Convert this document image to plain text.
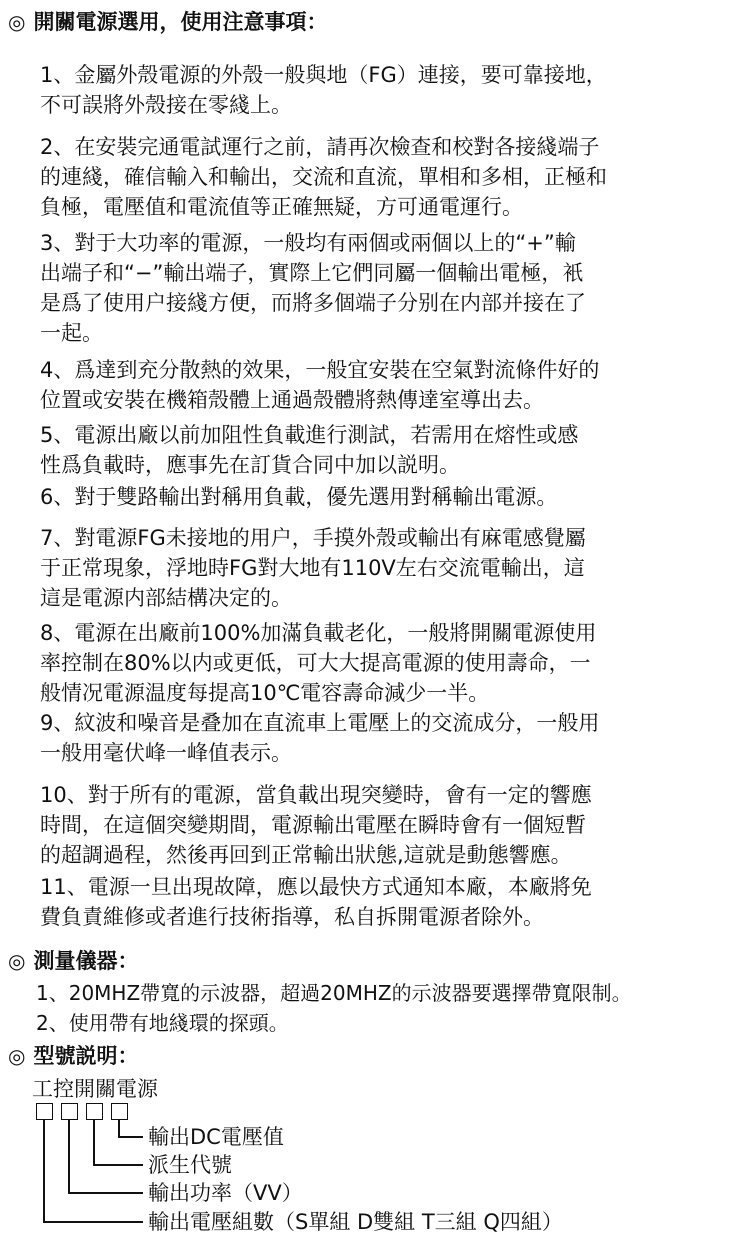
◎ 開關電源選用，使用注意事項：
1、金屬外殼電源的外殼一般與地（FG）連接，要可靠接地，
不可誤將外殼接在零綫上。
2、在安裝完通電試運行之前，請再次檢查和校對各接綫端子
的連綫，確信輸入和輸出，交流和直流，單相和多相，正極和
負極，電壓值和電流值等正確無疑，方可通電運行。
3、對于大功率的電源，一般均有兩個或兩個以上的“+”輸
出端子和“−”輸出端子，實際上它們同屬一個輸出電極，衹
是爲了使用户接綫方便，而將多個端子分别在内部并接在了
一起。
4、爲達到充分散熱的效果，一般宜安裝在空氣對流條件好的
位置或安裝在機箱殼體上通過殼體將熱傳達室導出去。
5、電源出廠以前加阻性負載進行測試，若需用在熔性或感
性爲負載時，應事先在訂貨合同中加以説明。
6、對于雙路輸出對稱用負載，優先選用對稱輸出電源。
7、對電源FG未接地的用户，手摸外殼或輸出有麻電感覺屬
于正常現象，浮地時FG對大地有110V左右交流電輸出，這
這是電源内部結構决定的。
8、電源在出廠前100%加滿負載老化，一般將開關電源使用
率控制在80%以内或更低，可大大提高電源的使用壽命，一
般情况電源温度每提高10℃電容壽命減少一半。
9、紋波和噪音是叠加在直流車上電壓上的交流成分，一般用
一般用毫伏峰一峰值表示。
10、對于所有的電源，當負載出現突變時，會有一定的響應
時間，在這個突變期間，電源輸出電壓在瞬時會有一個短暫
的超調過程，然後再回到正常輸出狀態,這就是動態響應。
11、電源一旦出現故障，應以最快方式通知本廠，本廠將免
費負責維修或者進行技術指導，私自拆開電源者除外。
◎ 測量儀器：
1、20MHZ帶寬的示波器，超過20MHZ的示波器要選擇帶寬限制。
2、使用帶有地綫環的探頭。
◎ 型號説明：
工控開關電源
輸出DC電壓值
派生代號
輸出功率（VV）
輸出電壓組數（S單組 D雙組 T三組 Q四組）
